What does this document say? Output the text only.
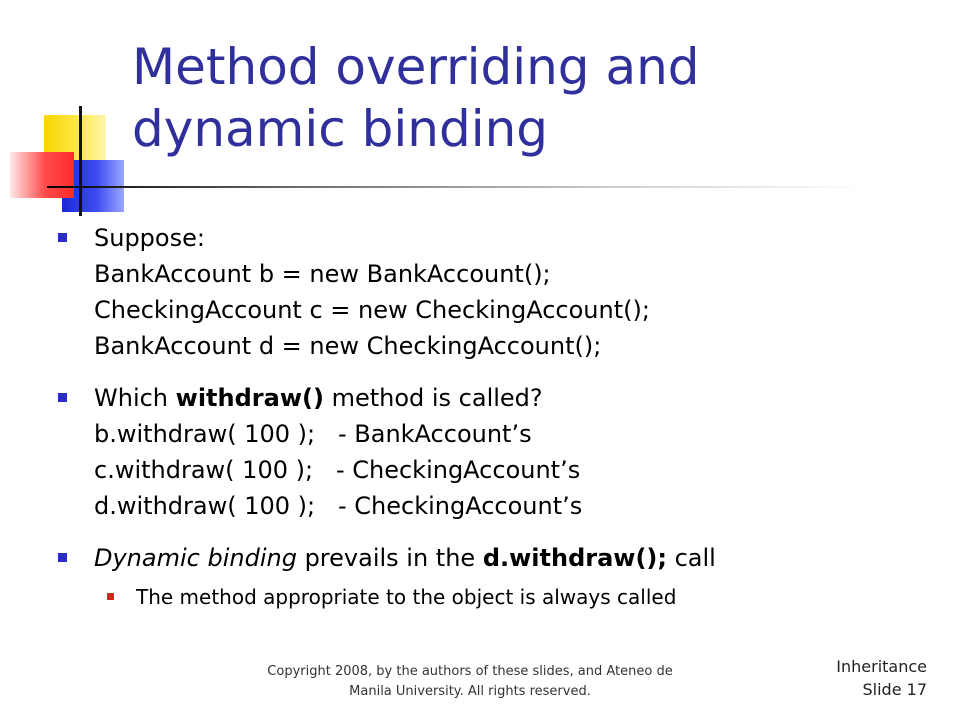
Method overriding and
dynamic binding
Suppose:
BankAccount b = new BankAccount();
CheckingAccount c = new CheckingAccount();
BankAccount d = new CheckingAccount();
Which withdraw() method is called?
b.withdraw( 100 );   - BankAccount’s
c.withdraw( 100 );   - CheckingAccount’s
d.withdraw( 100 );   - CheckingAccount’s
Dynamic binding prevails in the d.withdraw(); call
The method appropriate to the object is always called
Copyright 2008, by the authors of these slides, and Ateneo de
Manila University. All rights reserved.
Inheritance
Slide 17
